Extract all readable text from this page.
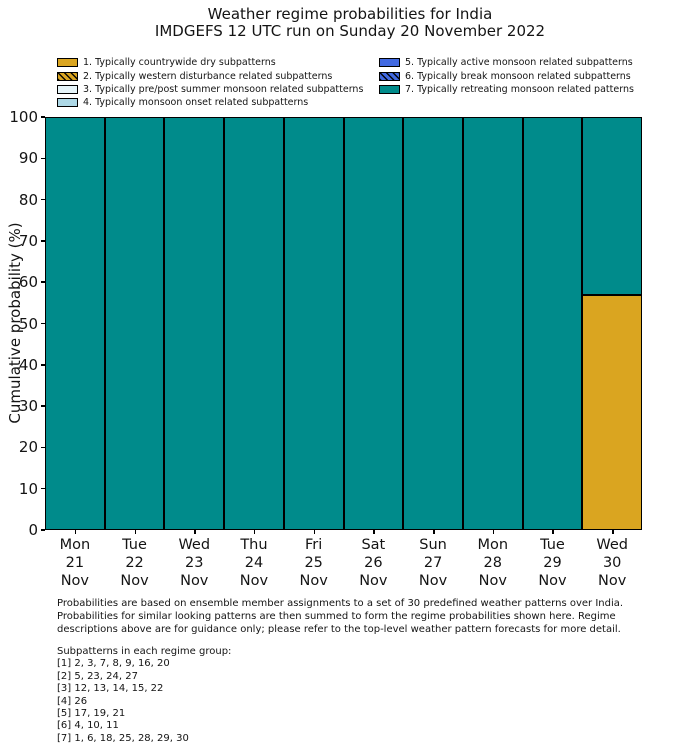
Weather regime probabilities for India
IMDGEFS 12 UTC run on Sunday 20 November 2022
1. Typically countrywide dry subpatterns
2. Typically western disturbance related subpatterns
3. Typically pre/post summer monsoon related subpatterns
4. Typically monsoon onset related subpatterns
5. Typically active monsoon related subpatterns
6. Typically break monsoon related subpatterns
7. Typically retreating monsoon related patterns
0
10
20
30
40
50
60
70
80
90
100
Cumulative probability (%)
Mon
21
Nov
Tue
22
Nov
Wed
23
Nov
Thu
24
Nov
Fri
25
Nov
Sat
26
Nov
Sun
27
Nov
Mon
28
Nov
Tue
29
Nov
Wed
30
Nov
Probabilities are based on ensemble member assignments to a set of 30 predefined weather patterns over India.
Probabilities for similar looking patterns are then summed to form the regime probabilities shown here. Regime
descriptions above are for guidance only; please refer to the top-level weather pattern forecasts for more detail.
Subpatterns in each regime group:
[1] 2, 3, 7, 8, 9, 16, 20
[2] 5, 23, 24, 27
[3] 12, 13, 14, 15, 22
[4] 26
[5] 17, 19, 21
[6] 4, 10, 11
[7] 1, 6, 18, 25, 28, 29, 30
